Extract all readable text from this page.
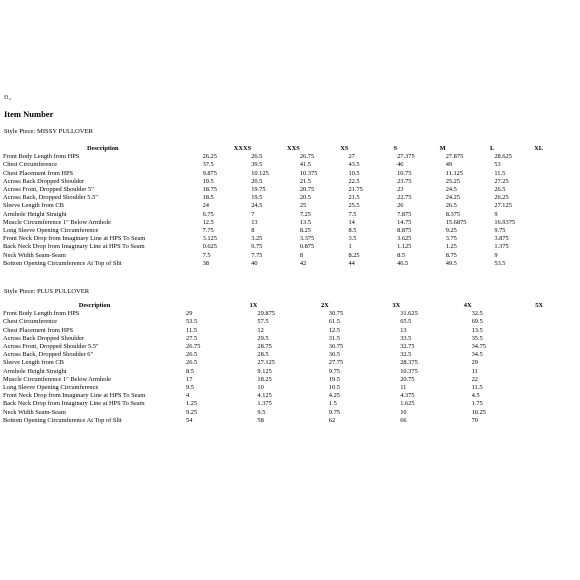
Ð„
Item Number
Style Piece: MISSY PULLOVER
Description	XXXS	XXS	XS	S	M	L	XL
Front Body Length from HPS	26.25	26.5	26.75	27	27.375	27.875	28.625
Chest Circumference	37.5	39.5	41.5	43.5	46	49	53
Chest Placement from HPS	9.875	10.125	10.375	10.5	10.75	11.125	11.5
Across Back Dropped Shoulder	19.5	20.5	21.5	22.5	23.75	25.25	27.25
Across Front, Dropped Shoulder 5"	18.75	19.75	20.75	21.75	23	24.5	26.5
Across Back, Dropped Shoulder 5.5"	18.5	19.5	20.5	21.5	22.75	24.25	26.25
Sleeve Length from CB	24	24.5	25	25.5	26	26.5	27.125
Armhole Height Straight	6.75	7	7.25	7.5	7.875	8.375	9
Muscle Circumference 1" Below Armhole	12.5	13	13.5	14	14.75	15.6875	16.9375
Long Sleeve Opening Circumference	7.75	8	8.25	8.5	8.875	9.25	9.75
Front Neck Drop from Imaginary Line at HPS To Seam	3.125	3.25	3.375	3.5	3.625	3.75	3.875
Back Neck Drop from Imaginary Line at HPS To Seam	0.625	0.75	0.875	1	1.125	1.25	1.375
Neck Width Seam-Seam	7.5	7.75	8	8.25	8.5	8.75	9
Bottom Opening Circumference At Top of Slit	38	40	42	44	46.5	49.5	53.5
Style Piece: PLUS PULLOVER
Description	1X	2X	3X	4X	5X
Front Body Length from HPS	29	29.875	30.75	31.625	32.5
Chest Circumference	53.5	57.5	61.5	65.5	69.5
Chest Placement from HPS	11.5	12	12.5	13	13.5
Across Back Dropped Shoulder	27.5	29.5	31.5	33.5	35.5
Across Front, Dropped Shoulder 5.5"	26.75	28.75	30.75	32.75	34.75
Across Back, Dropped Shoulder 6"	26.5	28.5	30.5	32.5	34.5
Sleeve Length from CB	26.5	27.125	27.75	28.375	29
Armhole Height Straight	8.5	9.125	9.75	10.375	11
Muscle Circumference 1" Below Armhole	17	18.25	19.5	20.75	22
Long Sleeve Opening Circumference	9.5	10	10.5	11	11.5
Front Neck Drop from Imaginary Line at HPS To Seam	4	4.125	4.25	4.375	4.5
Back Neck Drop from Imaginary Line at HPS To Seam	1.25	1.375	1.5	1.625	1.75
Neck Width Seam-Seam	9.25	9.5	9.75	10	10.25
Bottom Opening Circumference At Top of Slit	54	58	62	66	70
